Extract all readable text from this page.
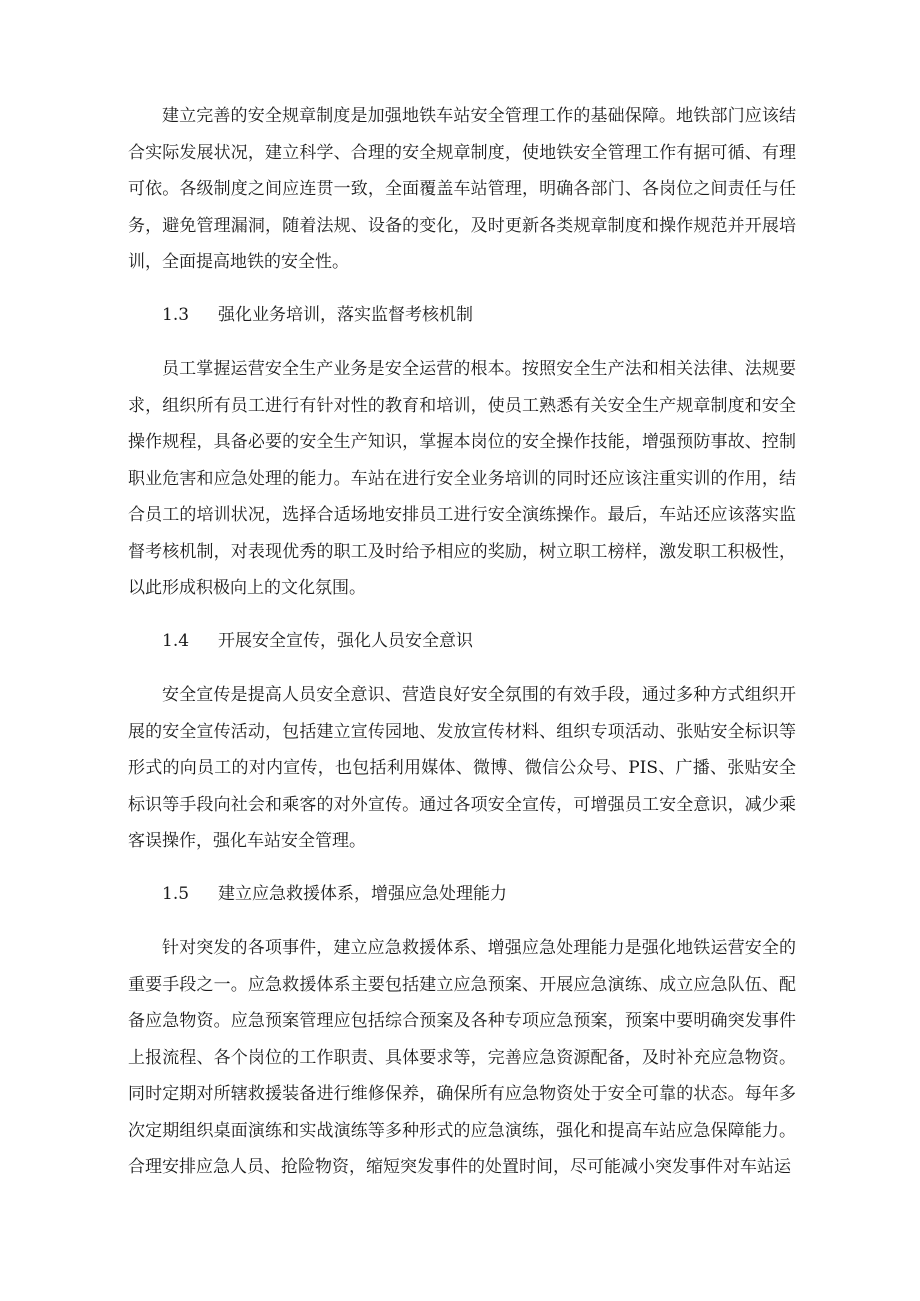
建立完善的安全规章制度是加强地铁车站安全管理工作的基础保障。地铁部门应该结合实际发展状况，建立科学、合理的安全规章制度，使地铁安全管理工作有据可循、有理可依。各级制度之间应连贯一致，全面覆盖车站管理，明确各部门、各岗位之间责任与任务，避免管理漏洞，随着法规、设备的变化，及时更新各类规章制度和操作规范并开展培训，全面提高地铁的安全性。

1.3 强化业务培训，落实监督考核机制

员工掌握运营安全生产业务是安全运营的根本。按照安全生产法和相关法律、法规要求，组织所有员工进行有针对性的教育和培训，使员工熟悉有关安全生产规章制度和安全操作规程，具备必要的安全生产知识，掌握本岗位的安全操作技能，增强预防事故、控制职业危害和应急处理的能力。车站在进行安全业务培训的同时还应该注重实训的作用，结合员工的培训状况，选择合适场地安排员工进行安全演练操作。最后，车站还应该落实监督考核机制，对表现优秀的职工及时给予相应的奖励，树立职工榜样，激发职工积极性，以此形成积极向上的文化氛围。

1.4 开展安全宣传，强化人员安全意识

安全宣传是提高人员安全意识、营造良好安全氛围的有效手段，通过多种方式组织开展的安全宣传活动，包括建立宣传园地、发放宣传材料、组织专项活动、张贴安全标识等形式的向员工的对内宣传，也包括利用媒体、微博、微信公众号、PIS、广播、张贴安全标识等手段向社会和乘客的对外宣传。通过各项安全宣传，可增强员工安全意识，减少乘客误操作，强化车站安全管理。

1.5 建立应急救援体系，增强应急处理能力

针对突发的各项事件，建立应急救援体系、增强应急处理能力是强化地铁运营安全的重要手段之一。应急救援体系主要包括建立应急预案、开展应急演练、成立应急队伍、配备应急物资。应急预案管理应包括综合预案及各种专项应急预案，预案中要明确突发事件上报流程、各个岗位的工作职责、具体要求等，完善应急资源配备，及时补充应急物资。同时定期对所辖救援装备进行维修保养，确保所有应急物资处于安全可靠的状态。每年多次定期组织桌面演练和实战演练等多种形式的应急演练，强化和提高车站应急保障能力。合理安排应急人员、抢险物资，缩短突发事件的处置时间，尽可能减小突发事件对车站运
